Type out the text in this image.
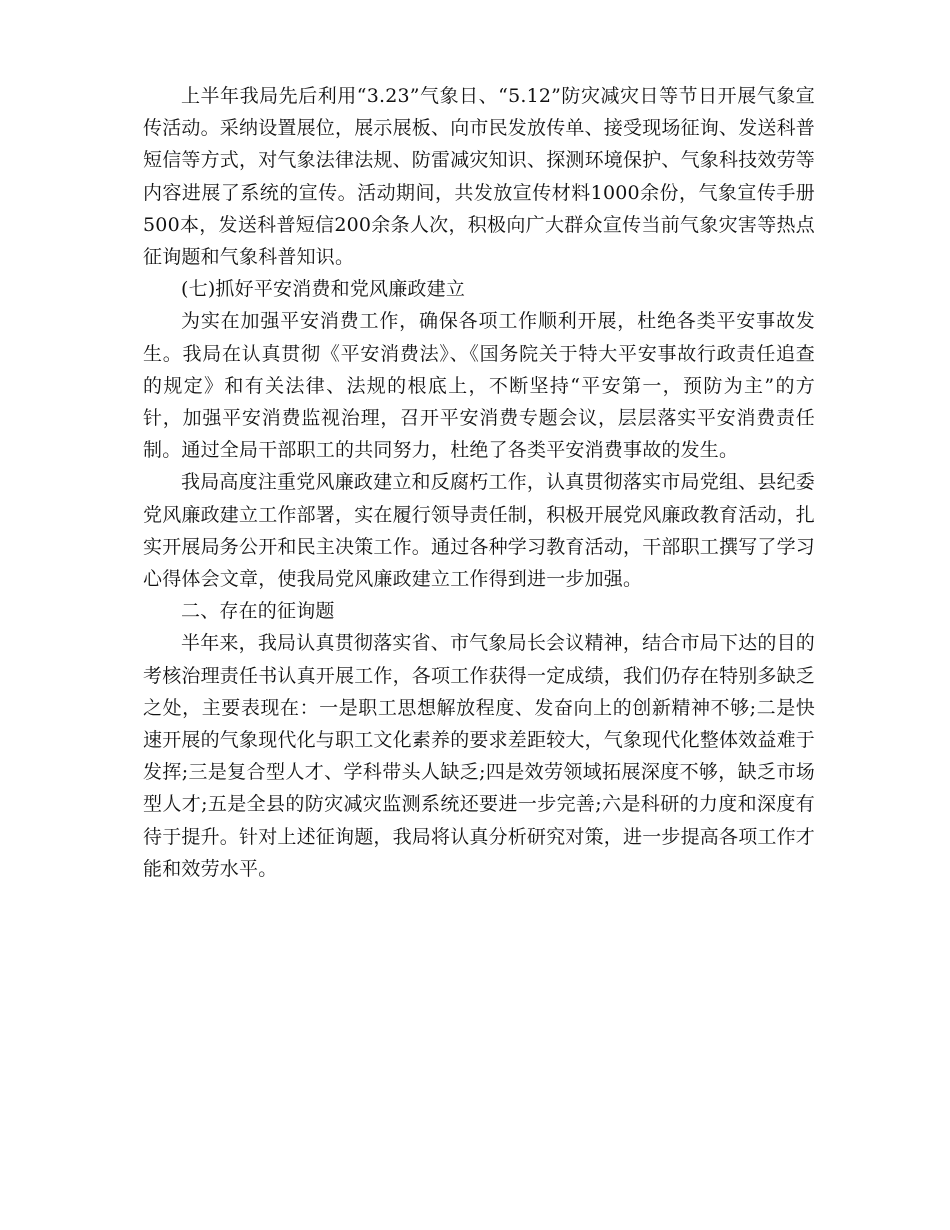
上半年我局先后利用“3.23”气象日、“5.12”防灾减灾日等节日开展气象宣传活动。采纳设置展位，展示展板、向市民发放传单、接受现场征询、发送科普短信等方式，对气象法律法规、防雷减灾知识、探测环境保护、气象科技效劳等内容进展了系统的宣传。活动期间，共发放宣传材料1000余份，气象宣传手册500本，发送科普短信200余条人次，积极向广大群众宣传当前气象灾害等热点征询题和气象科普知识。

(七)抓好平安消费和党风廉政建立

为实在加强平安消费工作，确保各项工作顺利开展，杜绝各类平安事故发生。我局在认真贯彻《平安消费法》、《国务院关于特大平安事故行政责任追查的规定》和有关法律、法规的根底上，不断坚持“平安第一，预防为主”的方针，加强平安消费监视治理，召开平安消费专题会议，层层落实平安消费责任制。通过全局干部职工的共同努力，杜绝了各类平安消费事故的发生。

我局高度注重党风廉政建立和反腐朽工作，认真贯彻落实市局党组、县纪委党风廉政建立工作部署，实在履行领导责任制，积极开展党风廉政教育活动，扎实开展局务公开和民主决策工作。通过各种学习教育活动，干部职工撰写了学习心得体会文章，使我局党风廉政建立工作得到进一步加强。

二、存在的征询题

半年来，我局认真贯彻落实省、市气象局长会议精神，结合市局下达的目的考核治理责任书认真开展工作，各项工作获得一定成绩，我们仍存在特别多缺乏之处，主要表现在：一是职工思想解放程度、发奋向上的创新精神不够;二是快速开展的气象现代化与职工文化素养的要求差距较大，气象现代化整体效益难于发挥;三是复合型人才、学科带头人缺乏;四是效劳领域拓展深度不够，缺乏市场型人才;五是全县的防灾减灾监测系统还要进一步完善;六是科研的力度和深度有待于提升。针对上述征询题，我局将认真分析研究对策，进一步提高各项工作才能和效劳水平。
